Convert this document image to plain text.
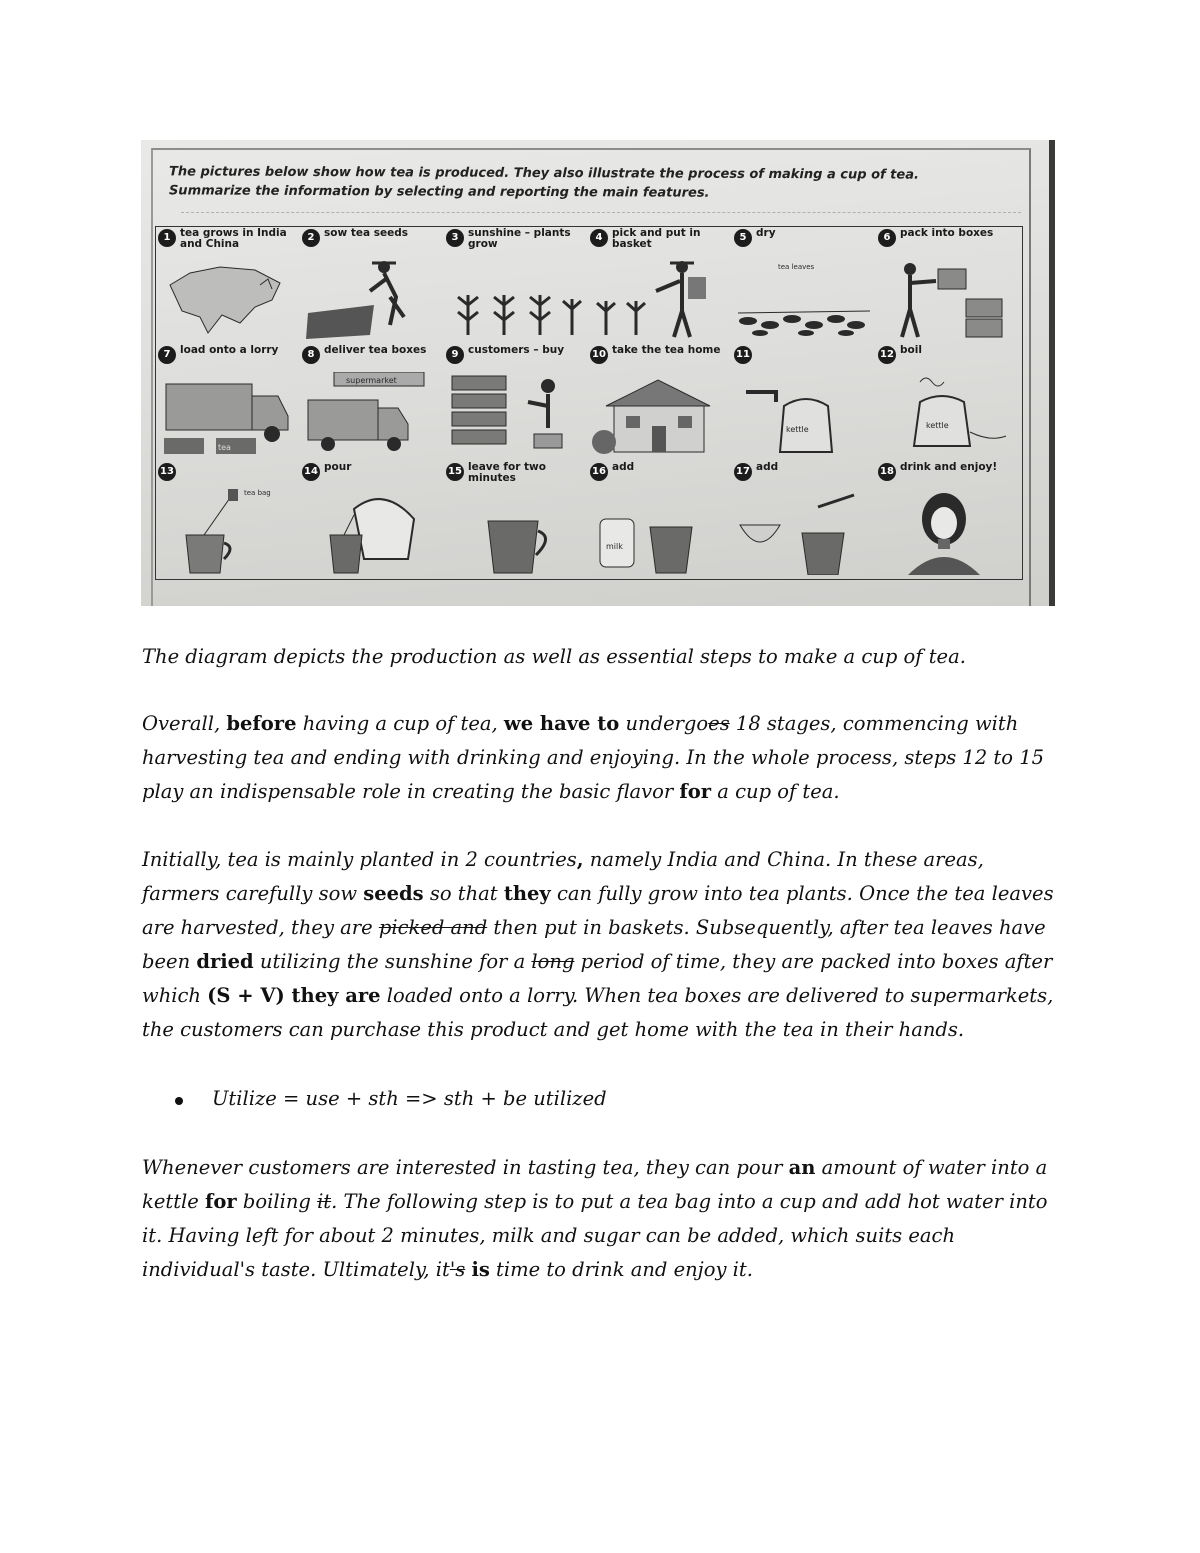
The pictures below show how tea is produced. They also illustrate the process of making a cup of tea.
Summarize the information by selecting and reporting the main features.
1 tea grows in India and China
2 sow tea seeds	3 sunshine – plants grow
4 pick and put in basket
5 dry
tea leaves
6 pack into boxes
7 load onto a lorry
tea
8 deliver tea boxes
supermarket
9 customers – buy	10 take the tea home	11
kettle
12 boil
kettle
13
tea bag
14 pour	15 leave for two minutes
16 add
milk
17 add	18 drink and enjoy!

The diagram depicts the production as well as essential steps to make a cup of tea.

Overall, before having a cup of tea, we have to undergoes 18 stages, commencing with harvesting tea and ending with drinking and enjoying. In the whole process, steps 12 to 15 play an indispensable role in creating the basic flavor for a cup of tea.

Initially, tea is mainly planted in 2 countries, namely India and China. In these areas, farmers carefully sow seeds so that they can fully grow into tea plants. Once the tea leaves are harvested, they are picked and then put in baskets. Subsequently, after tea leaves have been dried utilizing the sunshine for a long period of time, they are packed into boxes after which (S + V) they are loaded onto a lorry. When tea boxes are delivered to supermarkets, the customers can purchase this product and get home with the tea in their hands.

Utilize = use + sth => sth + be utilized

Whenever customers are interested in tasting tea, they can pour an amount of water into a kettle for boiling it. The following step is to put a tea bag into a cup and add hot water into it. Having left for about 2 minutes, milk and sugar can be added, which suits each individual's taste. Ultimately, it's is time to drink and enjoy it.
